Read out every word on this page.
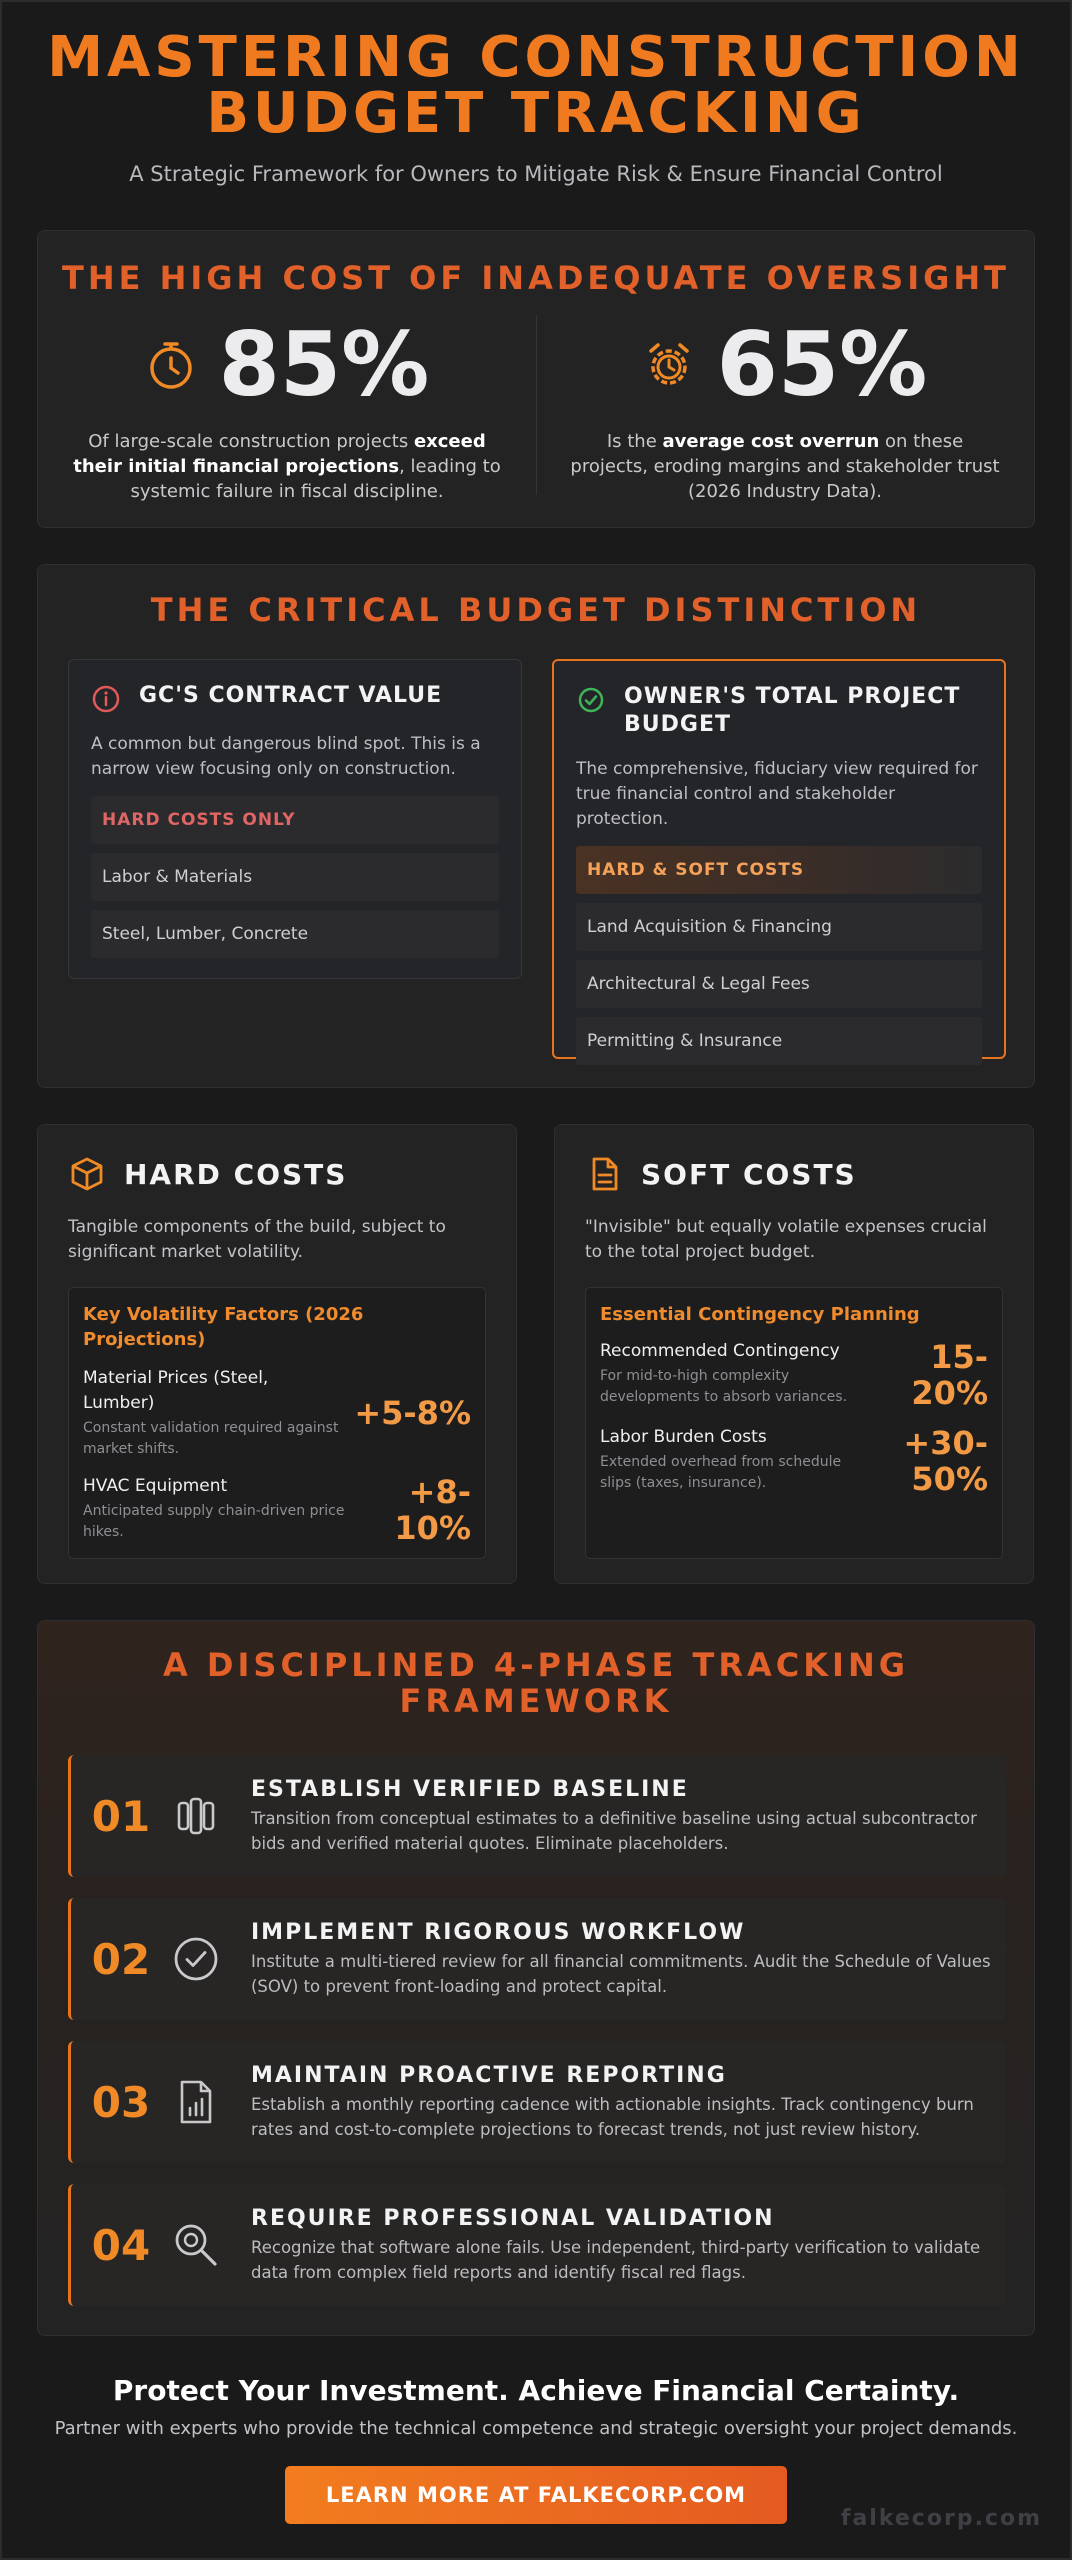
MASTERING CONSTRUCTION
BUDGET TRACKING

A Strategic Framework for Owners to Mitigate Risk & Ensure Financial Control

THE HIGH COST OF INADEQUATE OVERSIGHT
85%

Of large-scale construction projects exceed their initial financial projections, leading to systemic failure in fiscal discipline.

65%

Is the average cost overrun on these projects, eroding margins and stakeholder trust (2026 Industry Data).

THE CRITICAL BUDGET DISTINCTION
GC'S CONTRACT VALUE

A common but dangerous blind spot. This is a narrow view focusing only on construction.

HARD COSTS ONLY
Labor & Materials
Steel, Lumber, Concrete
OWNER'S TOTAL PROJECT BUDGET

The comprehensive, fiduciary view required for true financial control and stakeholder protection.

HARD & SOFT COSTS
Land Acquisition & Financing
Architectural & Legal Fees
Permitting & Insurance
HARD COSTS

Tangible components of the build, subject to significant market volatility.

Key Volatility Factors (2026 Projections)
Material Prices (Steel, Lumber)
Constant validation required against market shifts.
+5-8%
HVAC Equipment
Anticipated supply chain-driven price hikes.
+8-10%
SOFT COSTS

"Invisible" but equally volatile expenses crucial to the total project budget.

Essential Contingency Planning
Recommended Contingency
For mid-to-high complexity developments to absorb variances.
15-20%
Labor Burden Costs
Extended overhead from schedule slips (taxes, insurance).
+30-50%
A DISCIPLINED 4-PHASE TRACKING
FRAMEWORK
01
ESTABLISH VERIFIED BASELINE
Transition from conceptual estimates to a definitive baseline using actual subcontractor bids and verified material quotes. Eliminate placeholders.
02
IMPLEMENT RIGOROUS WORKFLOW
Institute a multi-tiered review for all financial commitments. Audit the Schedule of Values (SOV) to prevent front-loading and protect capital.
03
MAINTAIN PROACTIVE REPORTING
Establish a monthly reporting cadence with actionable insights. Track contingency burn rates and cost-to-complete projections to forecast trends, not just review history.
04
REQUIRE PROFESSIONAL VALIDATION
Recognize that software alone fails. Use independent, third-party verification to validate data from complex field reports and identify fiscal red flags.
Protect Your Investment. Achieve Financial Certainty.
Partner with experts who provide the technical competence and strategic oversight your project demands.
LEARN MORE AT FALKECORP.COM
falkecorp.com
